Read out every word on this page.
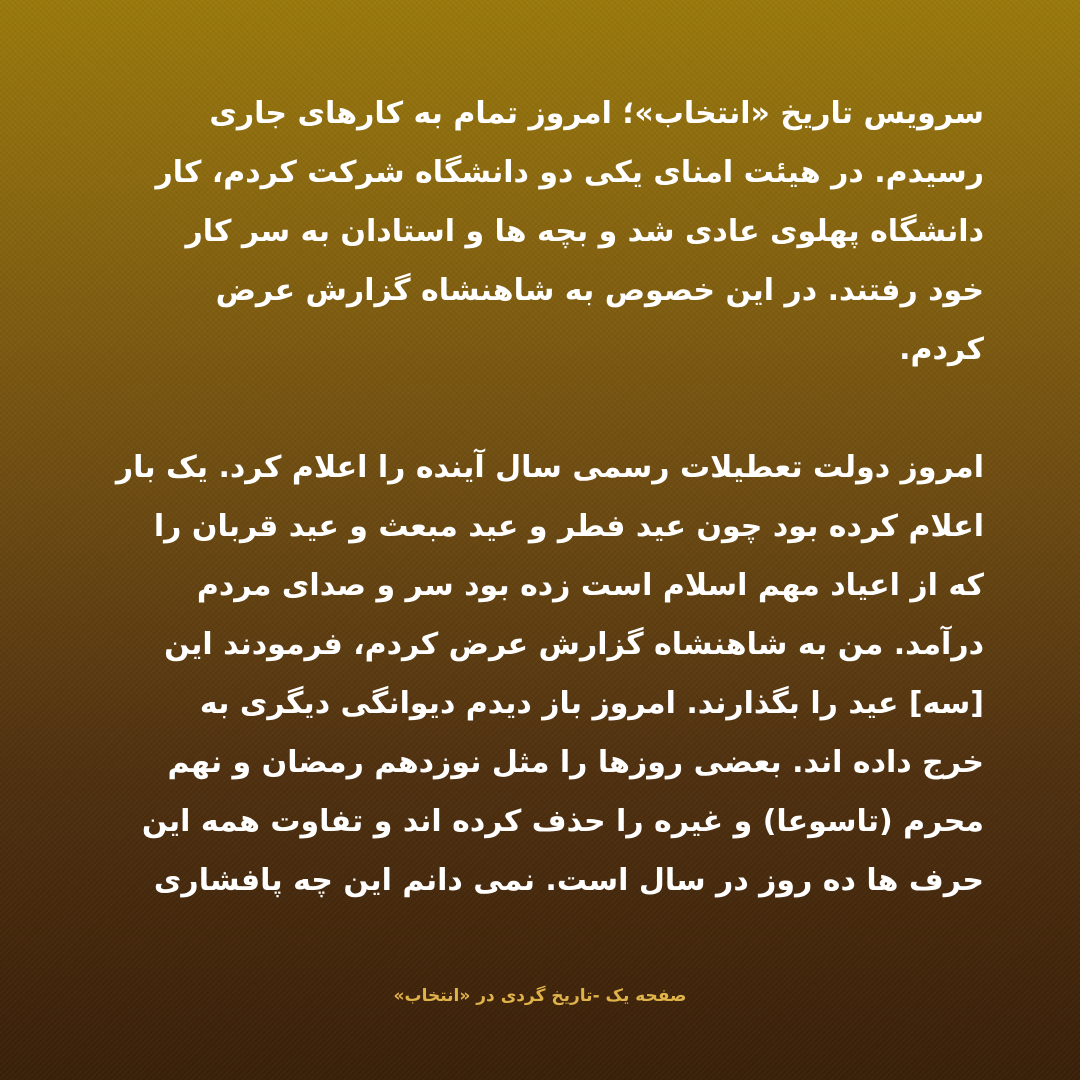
سرویس تاریخ «انتخاب»؛ امروز تمام به کارهای جاری
رسیدم. در هیئت امنای یکی دو دانشگاه شرکت کردم، کار
دانشگاه پهلوی عادی شد و بچه ها و استادان به سر کار
خود رفتند. در این خصوص به شاهنشاه گزارش عرض
کردم.

امروز دولت تعطیلات رسمی سال آینده را اعلام کرد. یک بار
اعلام کرده بود چون عید فطر و عید مبعث و عید قربان را
که از اعیاد مهم اسلام است زده بود سر و صدای مردم
درآمد. من به شاهنشاه گزارش عرض کردم، فرمودند این
[سه] عید را بگذارند. امروز باز دیدم دیوانگی دیگری به
خرج داده اند. بعضی روزها را مثل نوزدهم رمضان و نهم
محرم (تاسوعا) و غیره را حذف کرده اند و تفاوت همه این
حرف ها ده روز در سال است. نمی دانم این چه پافشاری

صفحه یک -تاریخ گردی در «انتخاب»
